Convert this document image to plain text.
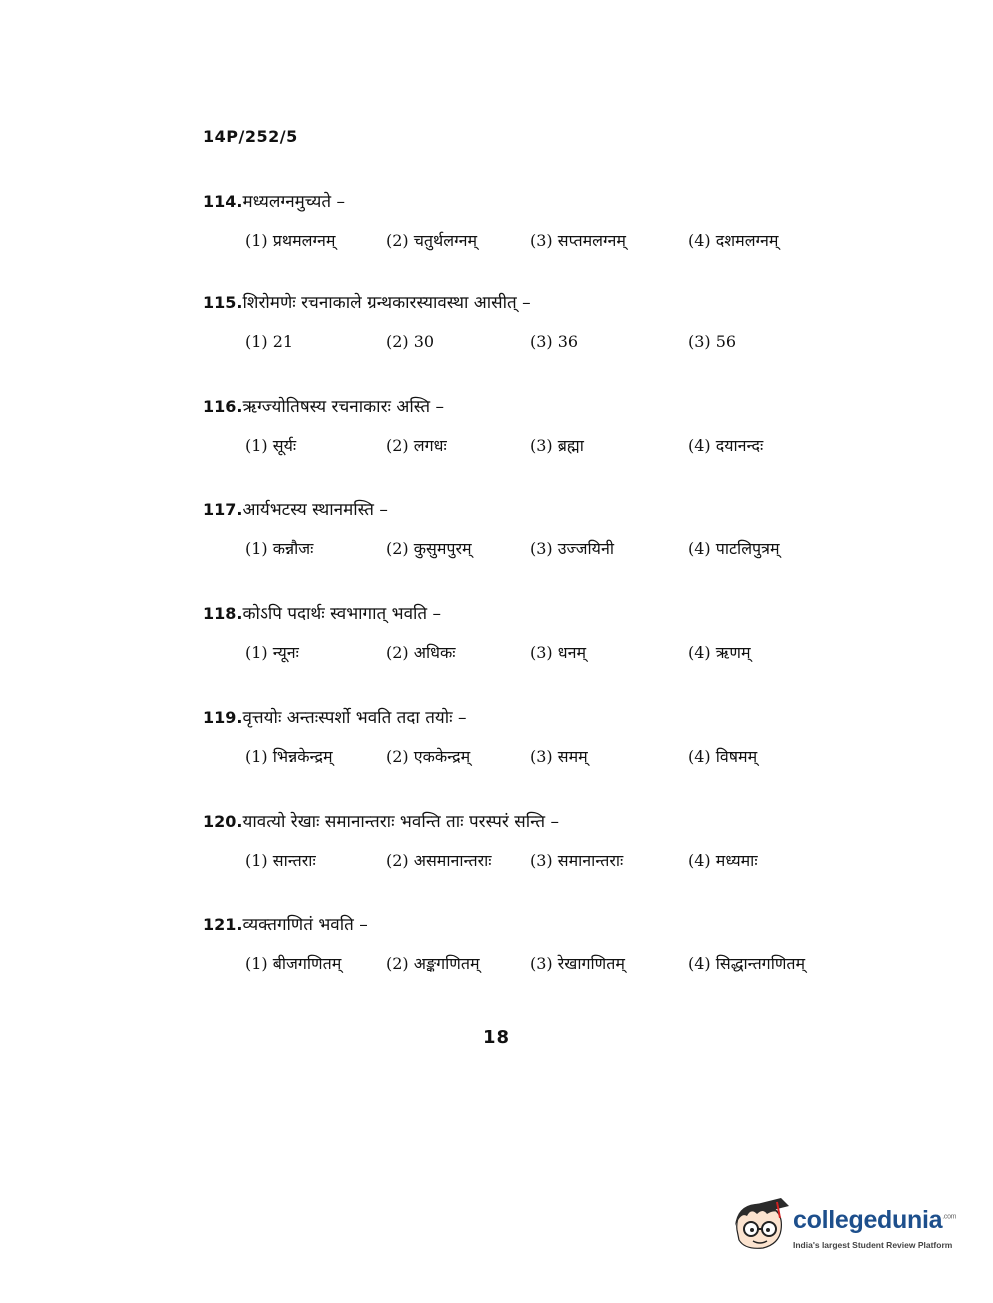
14P/252/5
114.मध्यलग्नमुच्यते –
(1) प्रथमलग्नम्	(2) चतुर्थलग्नम्	(3) सप्तमलग्नम्	(4) दशमलग्नम्
115.शिरोमणेः रचनाकाले ग्रन्थकारस्यावस्था आसीत् –
(1) 21	(2) 30	(3) 36	(3) 56
116.ऋग्ज्योतिषस्य रचनाकारः अस्ति –
(1) सूर्यः	(2) लगधः	(3) ब्रह्मा	(4) दयानन्दः
117.आर्यभटस्य स्थानमस्ति –
(1) कन्नौजः	(2) कुसुमपुरम्	(3) उज्जयिनी	(4) पाटलिपुत्रम्
118.कोऽपि पदार्थः स्वभागात् भवति –
(1) न्यूनः	(2) अधिकः	(3) धनम्	(4) ऋणम्
119.वृत्तयोः अन्तःस्पर्शो भवति तदा तयोः –
(1) भिन्नकेन्द्रम्	(2) एककेन्द्रम्	(3) समम्	(4) विषमम्
120.यावत्यो रेखाः समानान्तराः भवन्ति ताः परस्परं सन्ति –
(1) सान्तराः	(2) असमानान्तराः (3) समानान्तराः	(4) मध्यमाः
121.व्यक्तगणितं भवति –
(1) बीजगणितम्	(2) अङ्कगणितम्	(3) रेखागणितम्	(4) सिद्धान्तगणितम्
18
collegedunia$^{.com}$
India's largest Student Review Platform
